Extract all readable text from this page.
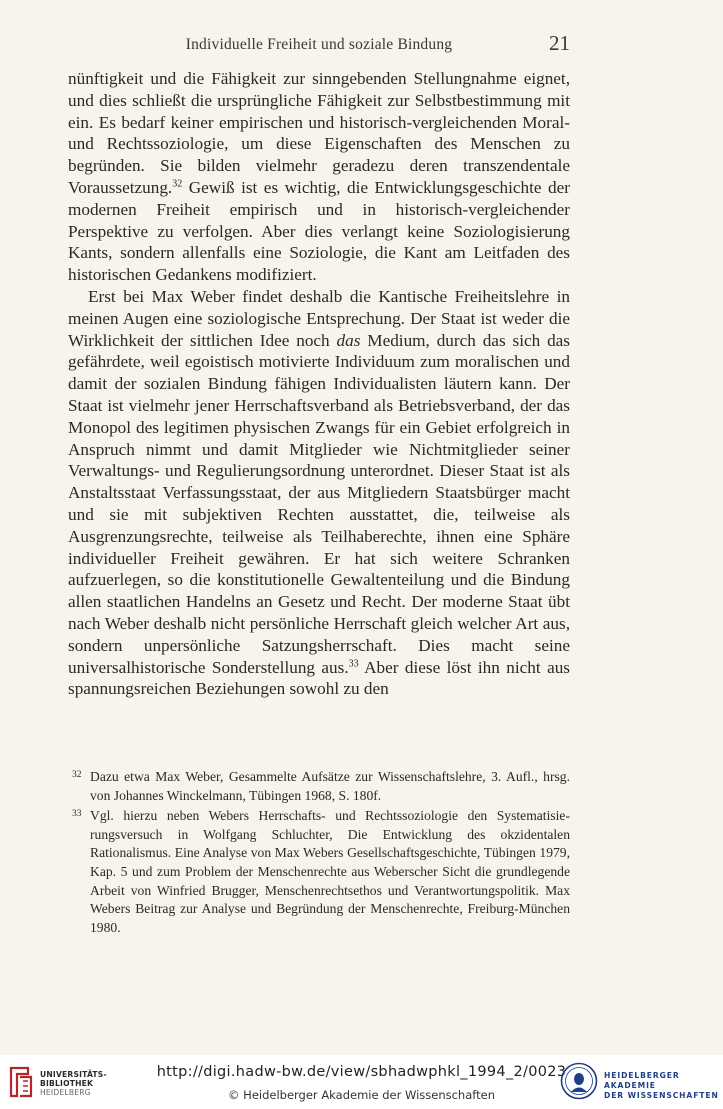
Individuelle Freiheit und soziale Bindung	21

nünftigkeit und die Fähigkeit zur sinngebenden Stellungnahme eignet, und dies schließt die ursprüngliche Fähigkeit zur Selbstbestimmung mit ein. Es bedarf keiner empirischen und historisch-vergleichenden Moral- und Rechtssoziologie, um diese Eigenschaften des Menschen zu begründen. Sie bilden vielmehr geradezu deren transzendentale Voraussetzung.$^{32}$ Gewiß ist es wichtig, die Entwicklungsgeschichte der modernen Freiheit empirisch und in historisch-vergleichender Perspektive zu verfolgen. Aber dies verlangt keine Soziologisierung Kants, sondern allenfalls eine Soziologie, die Kant am Leitfaden des historischen Gedankens modifiziert.

Erst bei Max Weber findet deshalb die Kantische Freiheitslehre in meinen Augen eine soziologische Entsprechung. Der Staat ist weder die Wirklichkeit der sittlichen Idee noch das Medium, durch das sich das gefährdete, weil egoistisch motivierte Individuum zum moralischen und damit der sozialen Bindung fähigen Individualisten läutern kann. Der Staat ist vielmehr jener Herrschaftsverband als Betriebsverband, der das Monopol des legitimen physischen Zwangs für ein Gebiet erfolgreich in Anspruch nimmt und damit Mitglieder wie Nichtmitglieder seiner Verwaltungs- und Regulierungsordnung unterordnet. Dieser Staat ist als Anstaltsstaat Verfassungsstaat, der aus Mitgliedern Staatsbürger macht und sie mit subjektiven Rechten ausstattet, die, teilweise als Ausgrenzungsrechte, teilweise als Teilhaberechte, ihnen eine Sphäre individueller Freiheit gewähren. Er hat sich weitere Schranken aufzuerlegen, so die konstitutionelle Gewaltenteilung und die Bindung allen staatlichen Handelns an Gesetz und Recht. Der moderne Staat übt nach Weber deshalb nicht persönliche Herrschaft gleich welcher Art aus, sondern unpersönliche Satzungsherrschaft. Dies macht seine universalhistorische Sonderstellung aus.$^{33}$ Aber diese löst ihn nicht aus spannungsreichen Beziehungen sowohl zu den

32 Dazu etwa Max Weber, Gesammelte Aufsätze zur Wissenschaftslehre, 3. Aufl., hrsg. von Johannes Winckelmann, Tübingen 1968, S. 180f.
33 Vgl. hierzu neben Webers Herrschafts- und Rechtssoziologie den Systematisierungsversuch in Wolfgang Schluchter, Die Entwicklung des okzidentalen Rationalismus. Eine Analyse von Max Webers Gesellschaftsgeschichte, Tübingen 1979, Kap. 5 und zum Problem der Menschenrechte aus Weberscher Sicht die grundlegende Arbeit von Winfried Brugger, Menschenrechtsethos und Verantwortungspolitik. Max Webers Beitrag zur Analyse und Begründung der Menschenrechte, Freiburg-München 1980.
UNIVERSITÄTS-
BIBLIOTHEK
HEIDELBERG
http://digi.hadw-bw.de/view/sbhadwphkl_1994_2/0023
© Heidelberger Akademie der Wissenschaften
HEIDELBERGER AKADEMIE
DER WISSENSCHAFTEN
